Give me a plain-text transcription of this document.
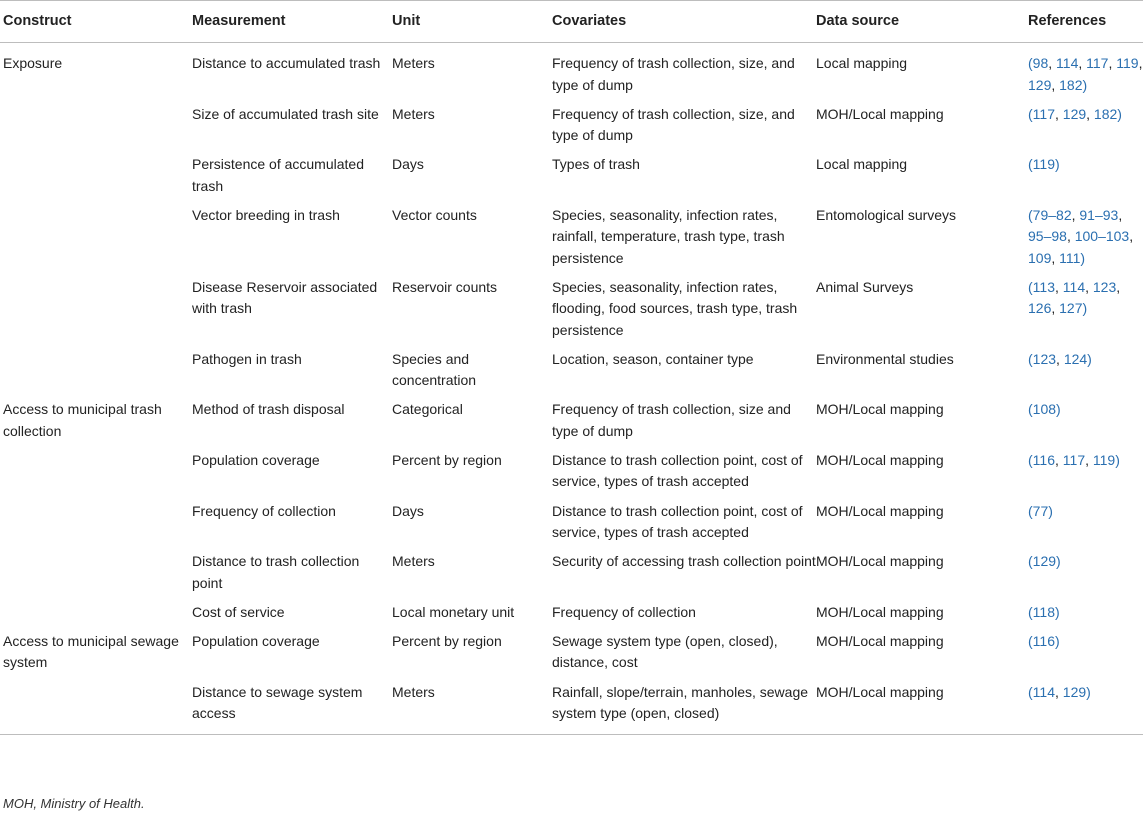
Construct	Measurement	Unit	Covariates	Data source	References
Exposure	Distance to accumulated trash	Meters	Frequency of trash collection, size, and type of dump	Local mapping	(98, 114, 117, 119, 129, 182)
	Size of accumulated trash site	Meters	Frequency of trash collection, size, and type of dump	MOH/Local mapping	(117, 129, 182)
	Persistence of accumulated trash	Days	Types of trash	Local mapping	(119)
	Vector breeding in trash	Vector counts	Species, seasonality, infection rates, rainfall, temperature, trash type, trash persistence	Entomological surveys	(79–82, 91–93, 95–98, 100–103, 109, 111)
	Disease Reservoir associated with trash	Reservoir counts	Species, seasonality, infection rates, flooding, food sources, trash type, trash persistence	Animal Surveys	(113, 114, 123, 126, 127)
	Pathogen in trash	Species and concentration	Location, season, container type	Environmental studies	(123, 124)
Access to municipal trash collection	Method of trash disposal	Categorical	Frequency of trash collection, size and type of dump	MOH/Local mapping	(108)
	Population coverage	Percent by region	Distance to trash collection point, cost of service, types of trash accepted	MOH/Local mapping	(116, 117, 119)
	Frequency of collection	Days	Distance to trash collection point, cost of service, types of trash accepted	MOH/Local mapping	(77)
	Distance to trash collection point	Meters	Security of accessing trash collection point	MOH/Local mapping	(129)
	Cost of service	Local monetary unit	Frequency of collection	MOH/Local mapping	(118)
Access to municipal sewage system	Population coverage	Percent by region	Sewage system type (open, closed), distance, cost	MOH/Local mapping	(116)
	Distance to sewage system access	Meters	Rainfall, slope/terrain, manholes, sewage system type (open, closed)	MOH/Local mapping	(114, 129)
MOH, Ministry of Health.
